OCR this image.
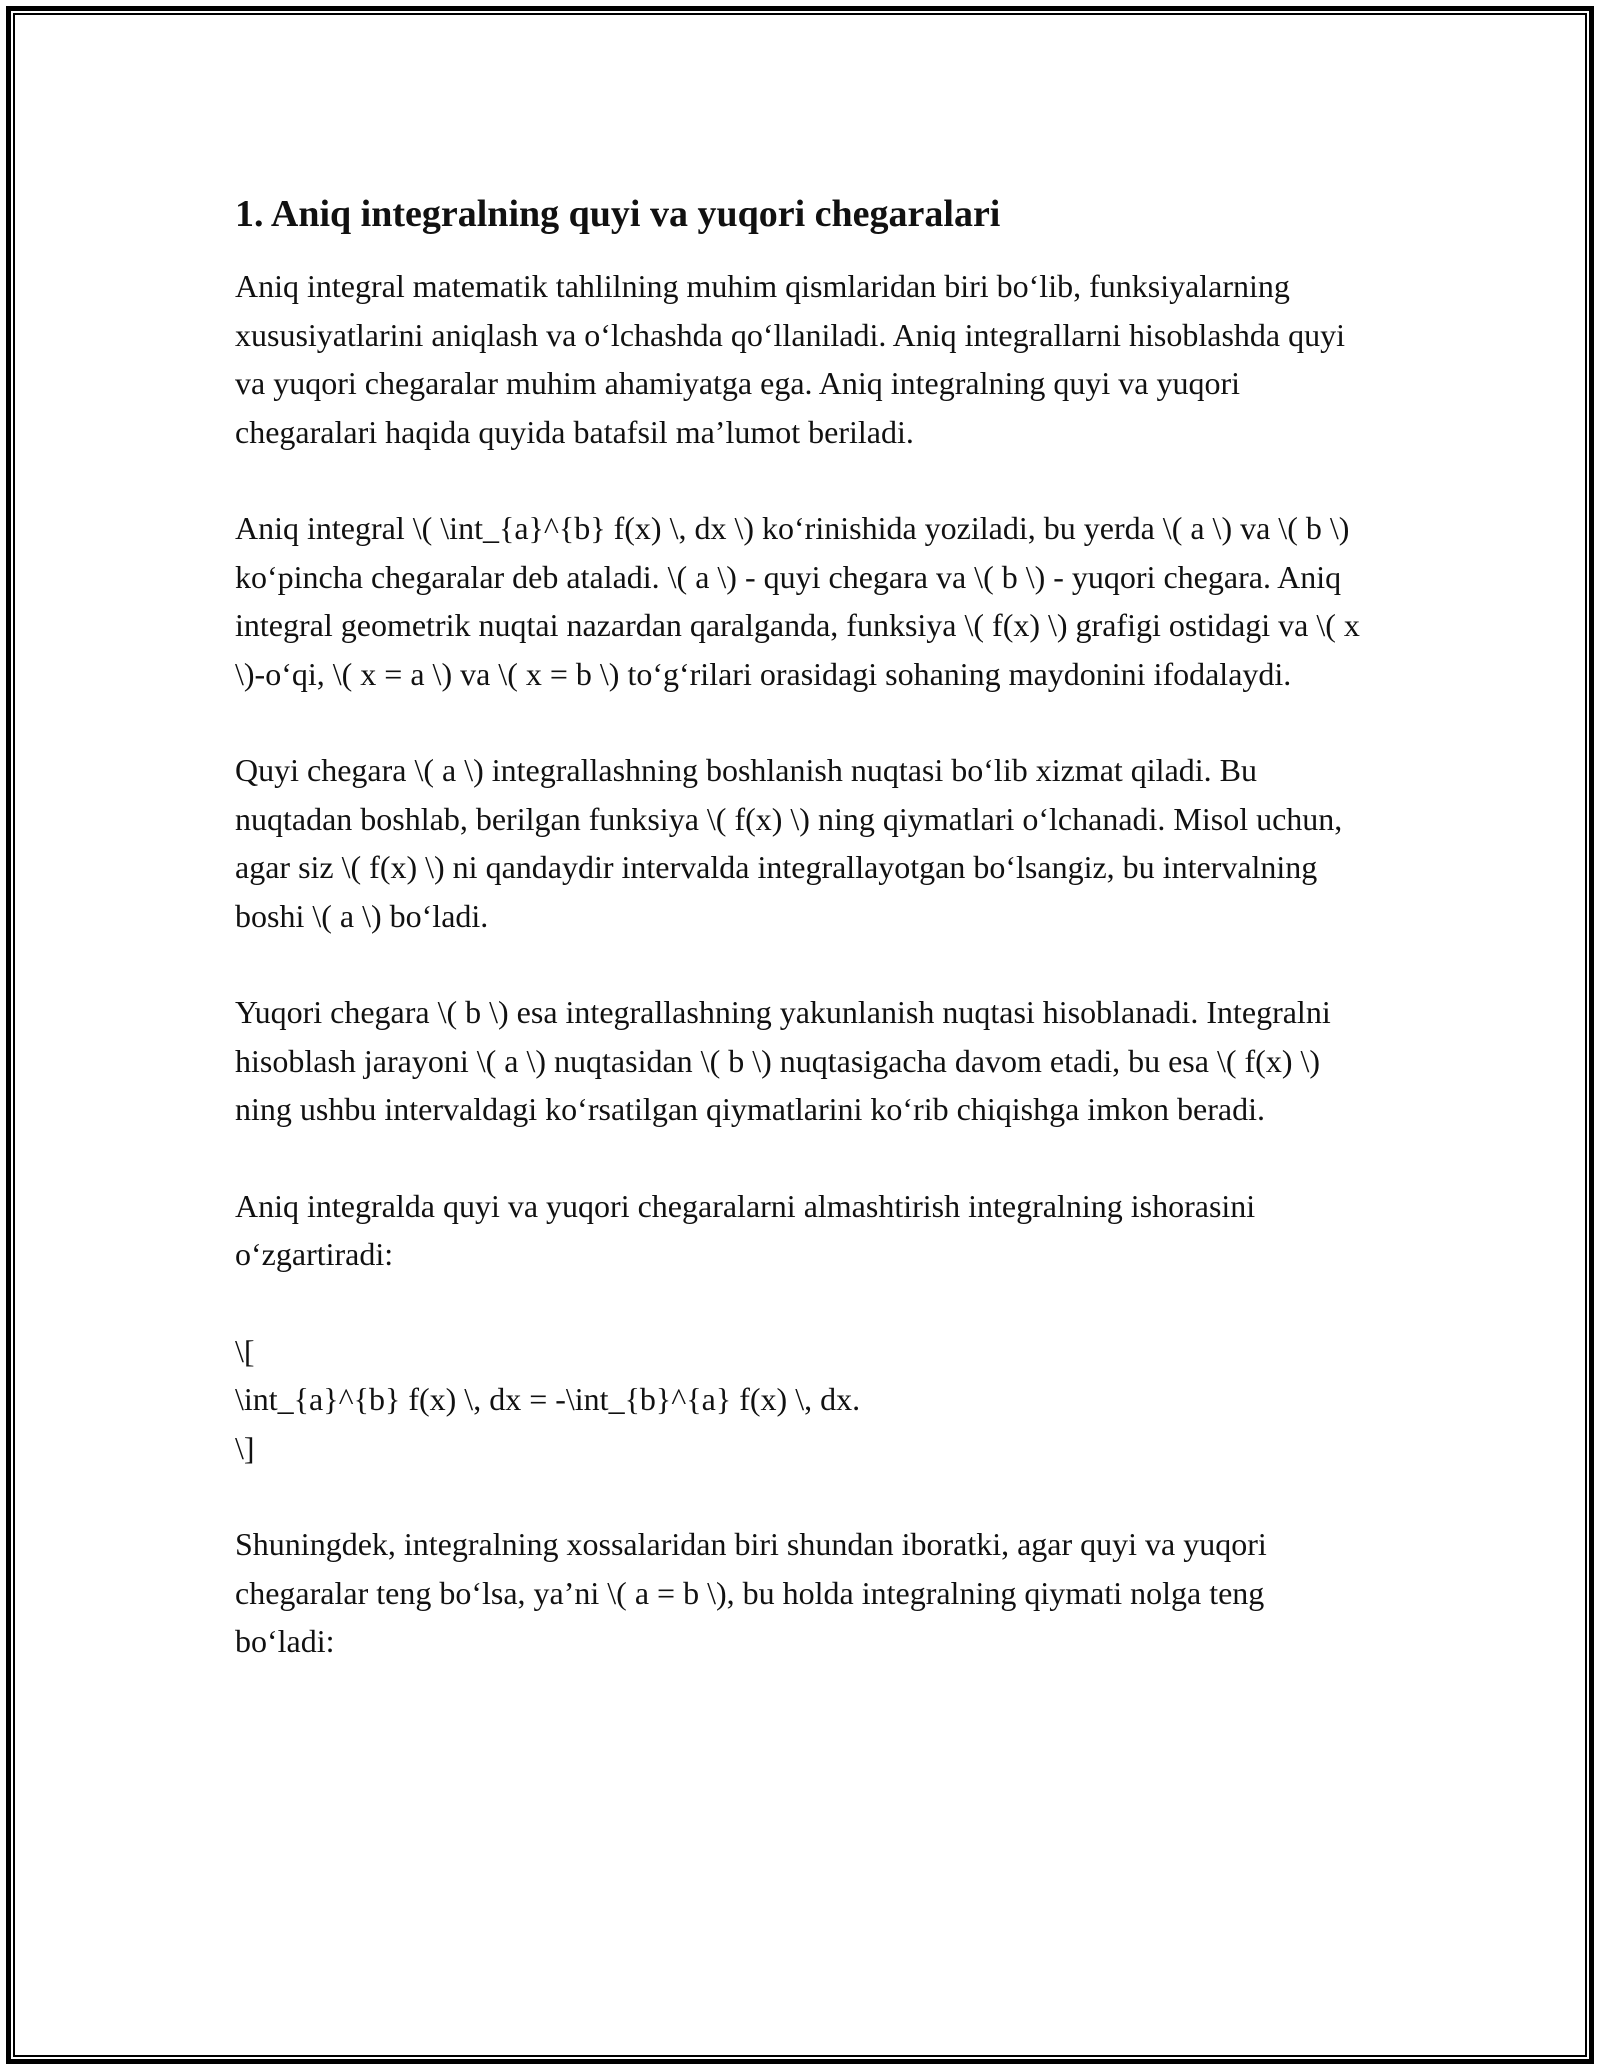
1. Aniq integralning quyi va yuqori chegaralari

Aniq integral matematik tahlilning muhim qismlaridan biri bo‘lib, funksiyalarning xususiyatlarini aniqlash va o‘lchashda qo‘llaniladi. Aniq integrallarni hisoblashda quyi va yuqori chegaralar muhim ahamiyatga ega. Aniq integralning quyi va yuqori chegaralari haqida quyida batafsil ma’lumot beriladi.

Aniq integral \( \int_{a}^{b} f(x) \, dx \) ko‘rinishida yoziladi, bu yerda \( a \) va \( b \) ko‘pincha chegaralar deb ataladi. \( a \) - quyi chegara va \( b \) - yuqori chegara. Aniq integral geometrik nuqtai nazardan qaralganda, funksiya \( f(x) \) grafigi ostidagi va \( x \)-o‘qi, \( x = a \) va \( x = b \) to‘g‘rilari orasidagi sohaning maydonini ifodalaydi.

Quyi chegara \( a \) integrallashning boshlanish nuqtasi bo‘lib xizmat qiladi. Bu nuqtadan boshlab, berilgan funksiya \( f(x) \) ning qiymatlari o‘lchanadi. Misol uchun, agar siz \( f(x) \) ni qandaydir intervalda integrallayotgan bo‘lsangiz, bu intervalning boshi \( a \) bo‘ladi.

Yuqori chegara \( b \) esa integrallashning yakunlanish nuqtasi hisoblanadi. Integralni hisoblash jarayoni \( a \) nuqtasidan \( b \) nuqtasigacha davom etadi, bu esa \( f(x) \) ning ushbu intervaldagi ko‘rsatilgan qiymatlarini ko‘rib chiqishga imkon beradi.

Aniq integralda quyi va yuqori chegaralarni almashtirish integralning ishorasini o‘zgartiradi:

\[
\int_{a}^{b} f(x) \, dx = -\int_{b}^{a} f(x) \, dx.
\]

Shuningdek, integralning xossalaridan biri shundan iboratki, agar quyi va yuqori chegaralar teng bo‘lsa, ya’ni \( a = b \), bu holda integralning qiymati nolga teng bo‘ladi:
